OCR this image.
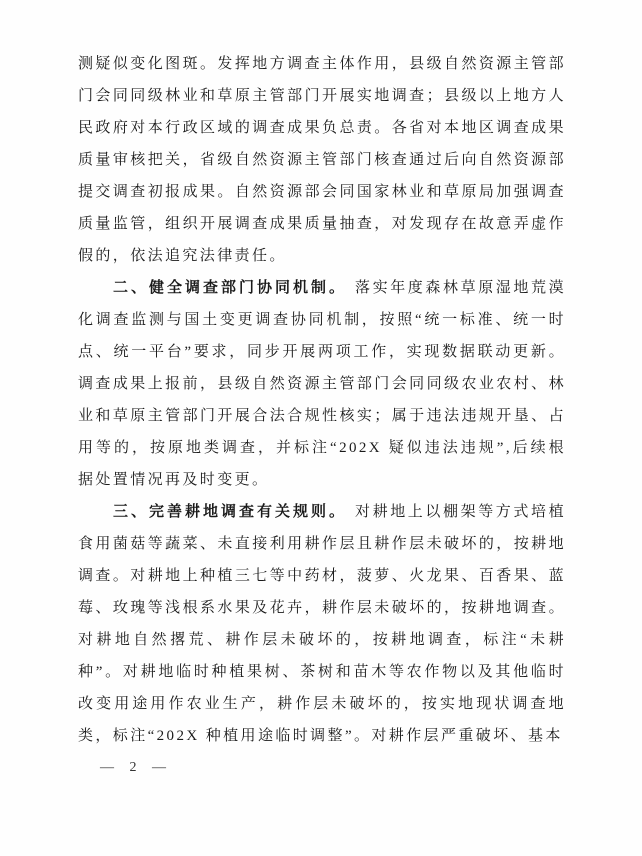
测疑似变化图斑。发挥地方调查主体作用，县级自然资源主管部门会同同级林业和草原主管部门开展实地调查；县级以上地方人民政府对本行政区域的调查成果负总责。各省对本地区调查成果质量审核把关，省级自然资源主管部门核查通过后向自然资源部提交调查初报成果。自然资源部会同国家林业和草原局加强调查质量监管，组织开展调查成果质量抽查，对发现存在故意弄虚作假的，依法追究法律责任。

二、健全调查部门协同机制。 落实年度森林草原湿地荒漠化调查监测与国土变更调查协同机制，按照“统一标准、统一时点、统一平台”要求，同步开展两项工作，实现数据联动更新。调查成果上报前，县级自然资源主管部门会同同级农业农村、林业和草原主管部门开展合法合规性核实；属于违法违规开垦、占用等的，按原地类调查，并标注“202X 疑似违法违规”,后续根据处置情况再及时变更。

三、完善耕地调查有关规则。 对耕地上以棚架等方式培植食用菌菇等蔬菜、未直接利用耕作层且耕作层未破坏的，按耕地调查。对耕地上种植三七等中药材，菠萝、火龙果、百香果、蓝莓、玫瑰等浅根系水果及花卉，耕作层未破坏的，按耕地调查。对耕地自然撂荒、耕作层未破坏的，按耕地调查，标注“未耕种”。对耕地临时种植果树、茶树和苗木等农作物以及其他临时改变用途用作农业生产，耕作层未破坏的，按实地现状调查地类，标注“202X 种植用途临时调整”。对耕作层严重破坏、基本

— 2 —
